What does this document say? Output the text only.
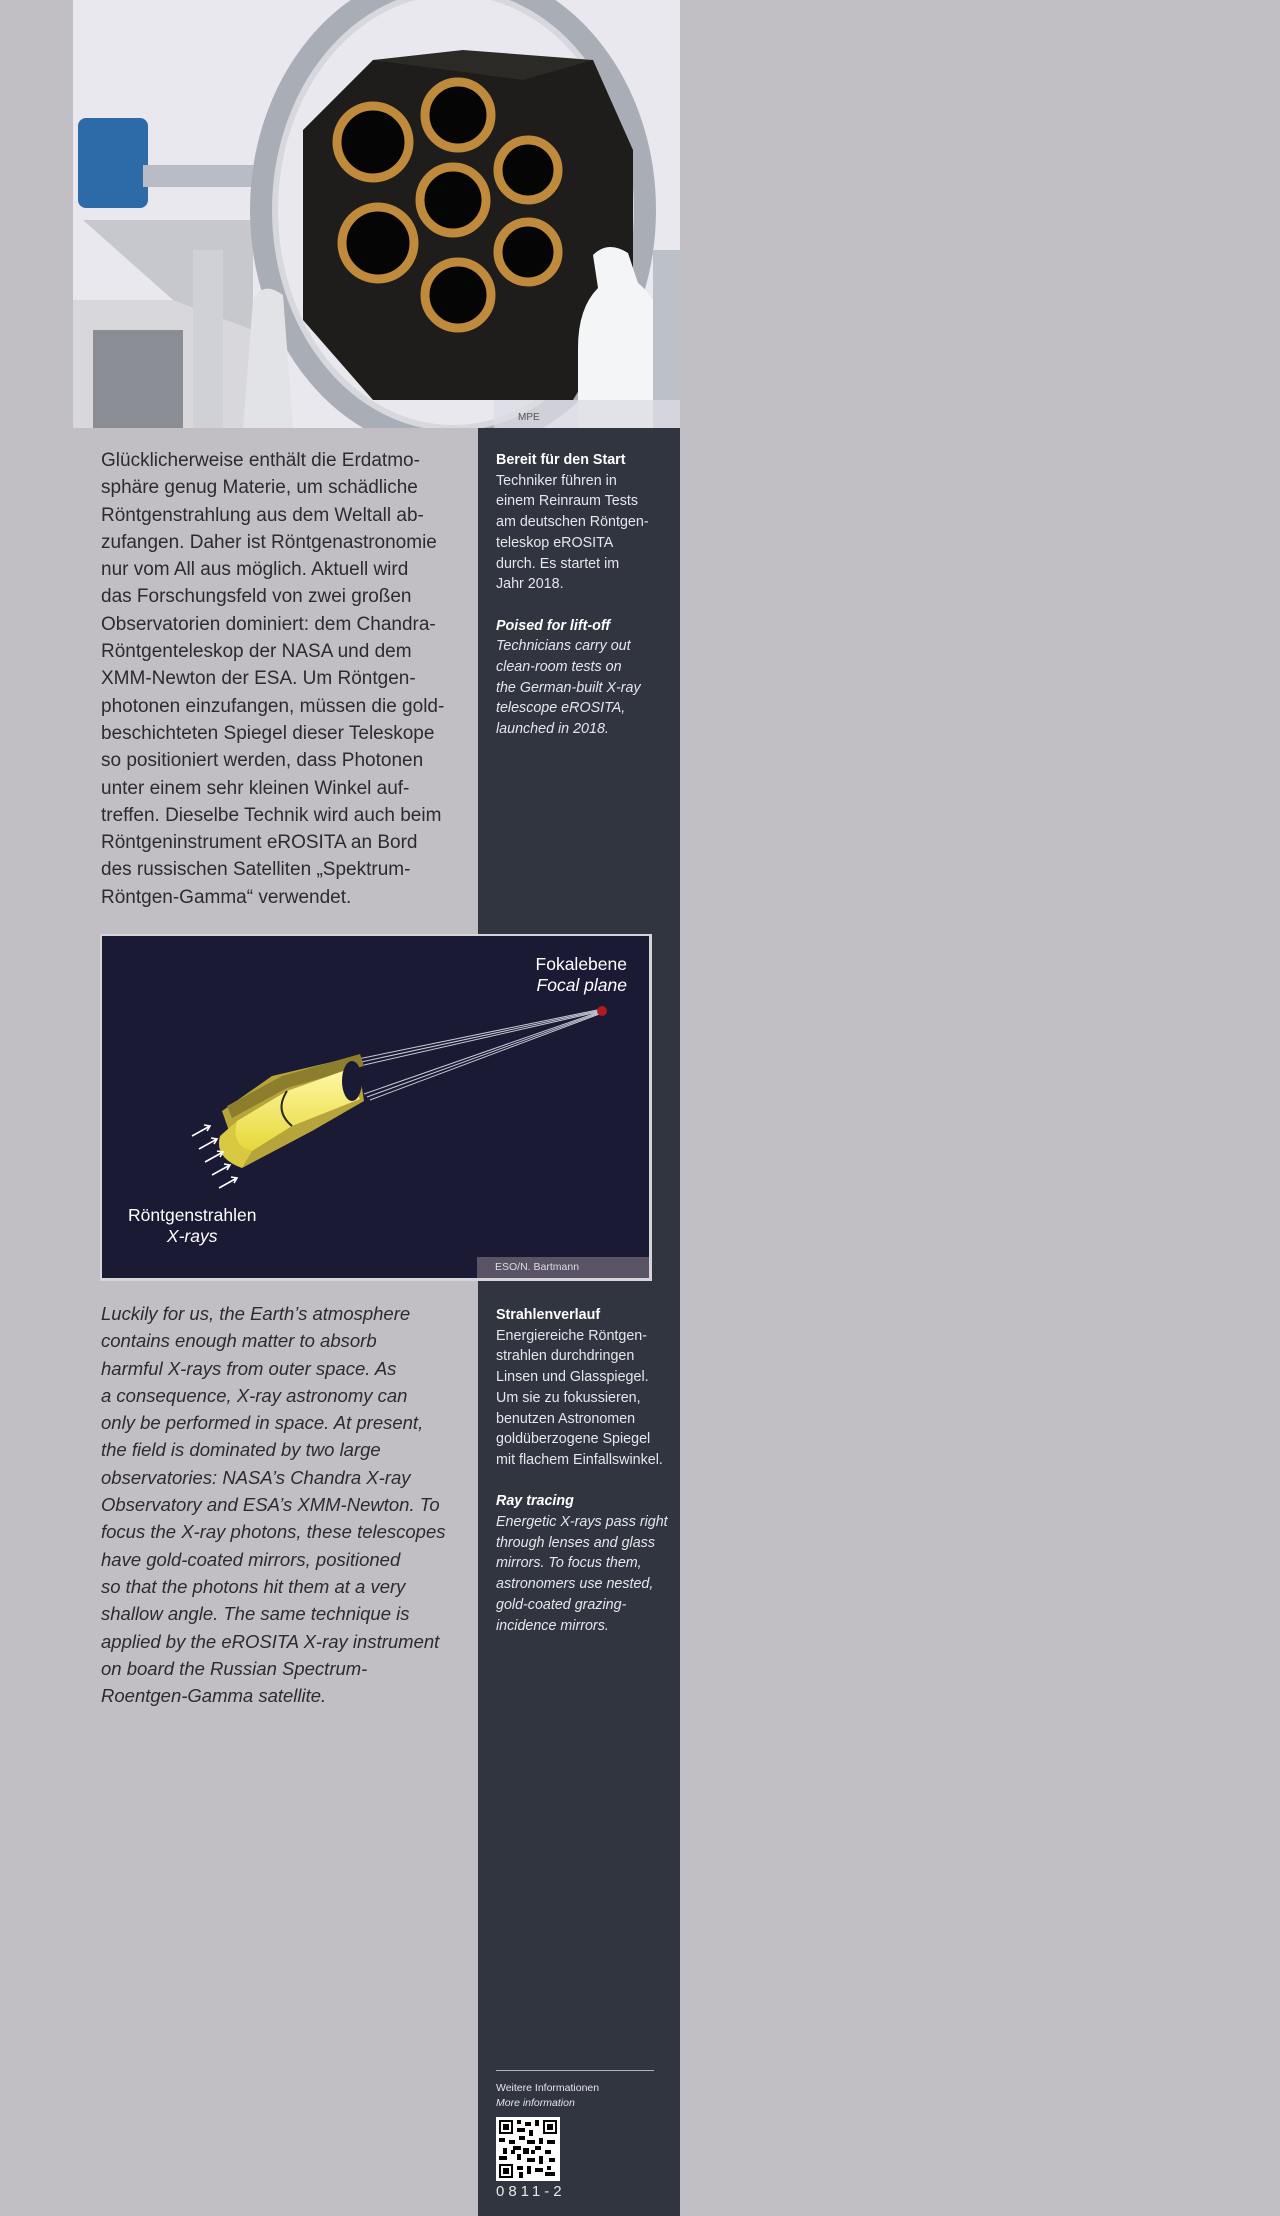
MPE

Glücklicherweise enthält die Erdatmo-
sphäre genug Materie, um schädliche
Röntgenstrahlung aus dem Weltall ab-
zufangen. Daher ist Röntgenastronomie
nur vom All aus möglich. Aktuell wird
das Forschungsfeld von zwei großen
Observatorien dominiert: dem Chandra-
Röntgenteleskop der NASA und dem
XMM-Newton der ESA. Um Röntgen-
photonen einzufangen, müssen die gold-
beschichteten Spiegel dieser Teleskope
so positioniert werden, dass Photonen
unter einem sehr kleinen Winkel auf-
treffen. Dieselbe Technik wird auch beim
Röntgeninstrument eROSITA an Bord
des russischen Satelliten „Spektrum-
Röntgen-Gamma“ verwendet.

Bereit für den Start
Techniker führen in
einem Reinraum Tests
am deutschen Röntgen-
teleskop eROSITA
durch. Es startet im
Jahr 2018.
Poised for lift-off
Technicians carry out
clean-room tests on
the German-built X-ray
telescope eROSITA,
launched in 2018.
Fokalebene
Focal plane
Röntgenstrahlen
X-rays
ESO/N. Bartmann

Luckily for us, the Earth’s atmosphere
contains enough matter to absorb
harmful X-rays from outer space. As
a consequence, X-ray astronomy can
only be performed in space. At present,
the field is dominated by two large
observatories: NASA’s Chandra X-ray
Observatory and ESA’s XMM-Newton. To
focus the X-ray photons, these telescopes
have gold-coated mirrors, positioned
so that the photons hit them at a very
shallow angle. The same technique is
applied by the eROSITA X-ray instrument
on board the Russian Spectrum-
Roentgen-Gamma satellite.

Strahlenverlauf
Energiereiche Röntgen-
strahlen durchdringen
Linsen und Glasspiegel.
Um sie zu fokussieren,
benutzen Astronomen
goldüberzogene Spiegel
mit flachem Einfallswinkel.
Ray tracing
Energetic X-rays pass right
through lenses and glass
mirrors. To focus them,
astronomers use nested,
gold-coated grazing-
incidence mirrors.
Weitere Informationen
More information
0811-2
